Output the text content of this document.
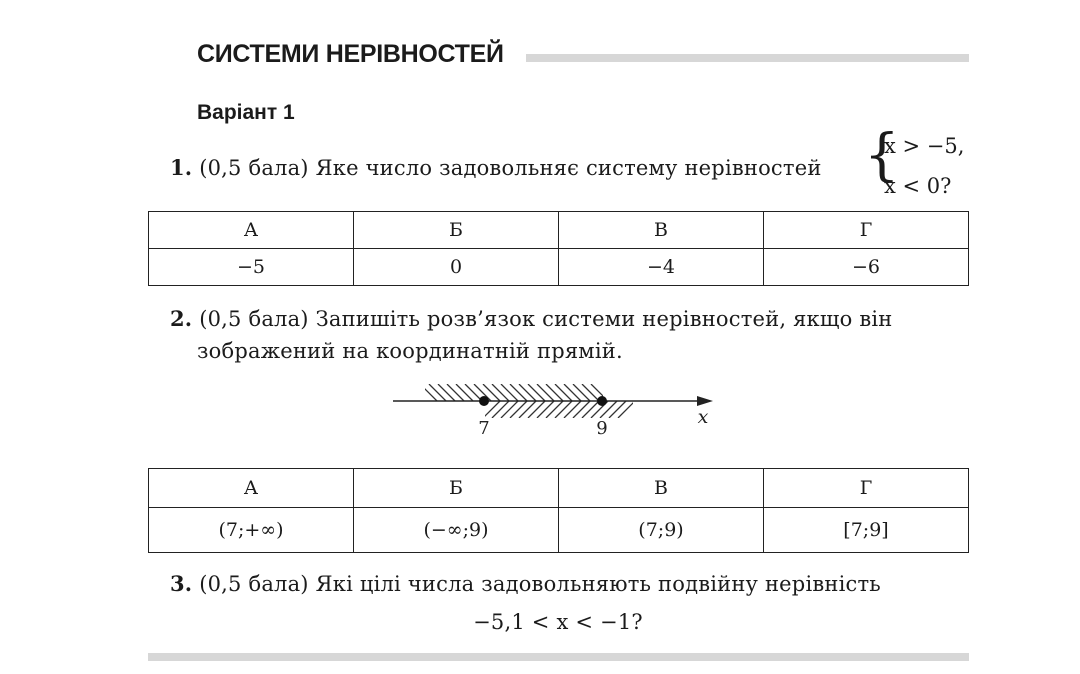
СИСТЕМИ НЕРІВНОСТЕЙ
Варіант 1
1. (0,5 бала) Яке число задовольняє систему нерівностей {
x > −5,
x < 0?
А	Б	В	Г
−5	0	−4	−6
2. (0,5 бала) Запишіть розв’язок системи нерівностей, якщо він
зображений на координатній прямій.
7	9
x
А	Б	В	Г
(7;+∞)	(−∞;9)	(7;9)	[7;9]
3. (0,5 бала) Які цілі числа задовольняють подвійну нерівність
−5,1 < x < −1?
